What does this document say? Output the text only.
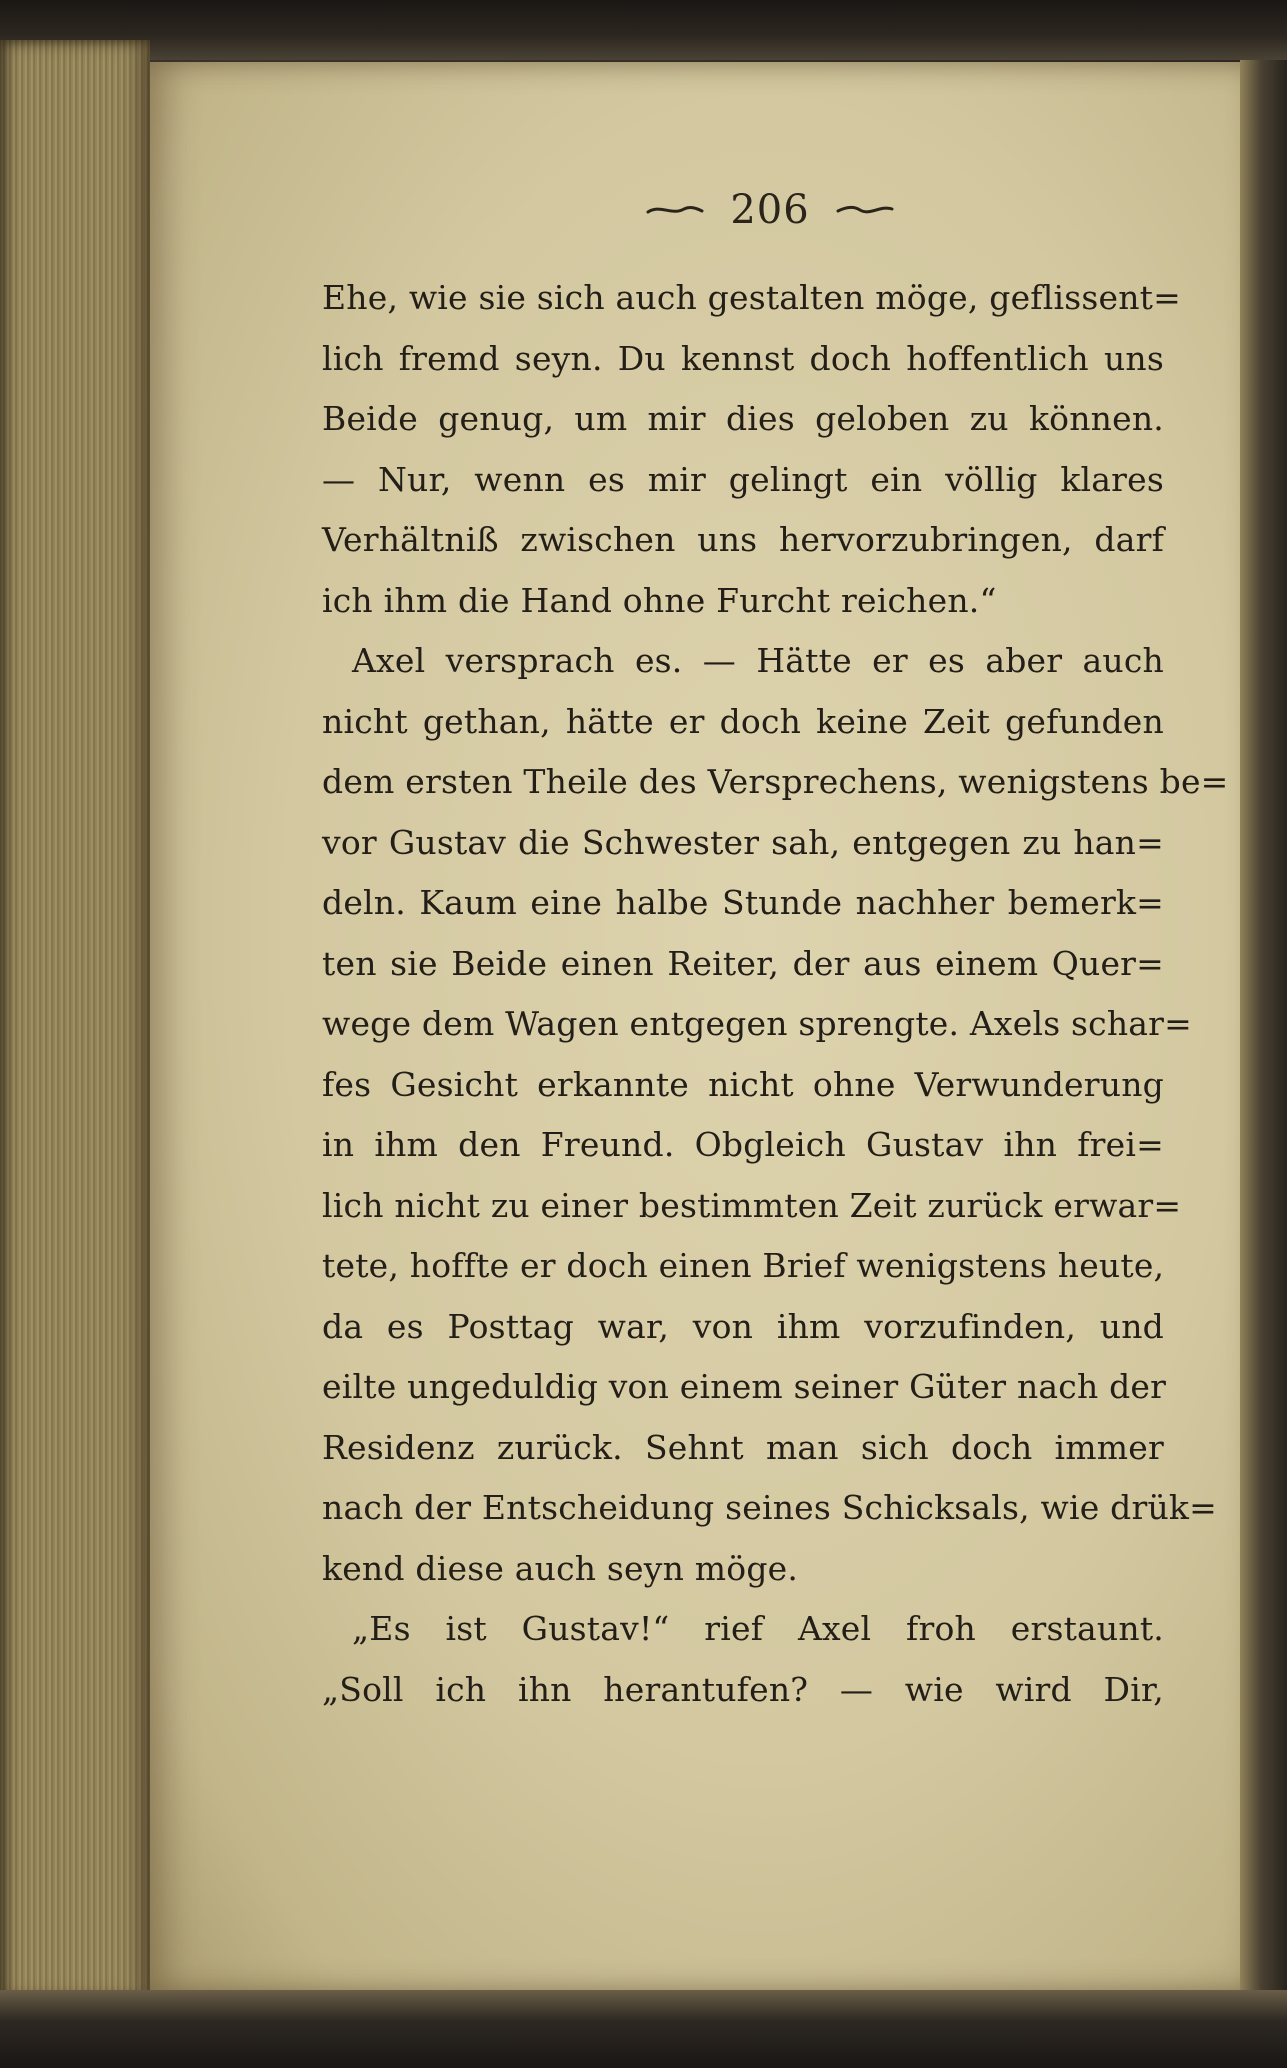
206
Ehe, wie sie sich auch gestalten möge, geflissent=
lich fremd seyn. Du kennst doch hoffentlich uns
Beide genug, um mir dies geloben zu können.
— Nur, wenn es mir gelingt ein völlig klares
Verhältniß zwischen uns hervorzubringen, darf
ich ihm die Hand ohne Furcht reichen.“
Axel versprach es. — Hätte er es aber auch
nicht gethan, hätte er doch keine Zeit gefunden
dem ersten Theile des Versprechens, wenigstens be=
vor Gustav die Schwester sah, entgegen zu han=
deln. Kaum eine halbe Stunde nachher bemerk=
ten sie Beide einen Reiter, der aus einem Quer=
wege dem Wagen entgegen sprengte. Axels schar=
fes Gesicht erkannte nicht ohne Verwunderung
in ihm den Freund. Obgleich Gustav ihn frei=
lich nicht zu einer bestimmten Zeit zurück erwar=
tete, hoffte er doch einen Brief wenigstens heute,
da es Posttag war, von ihm vorzufinden, und
eilte ungeduldig von einem seiner Güter nach der
Residenz zurück. Sehnt man sich doch immer
nach der Entscheidung seines Schicksals, wie drük=
kend diese auch seyn möge.
„Es ist Gustav!“ rief Axel froh erstaunt.
„Soll ich ihn herantufen? — wie wird Dir,
